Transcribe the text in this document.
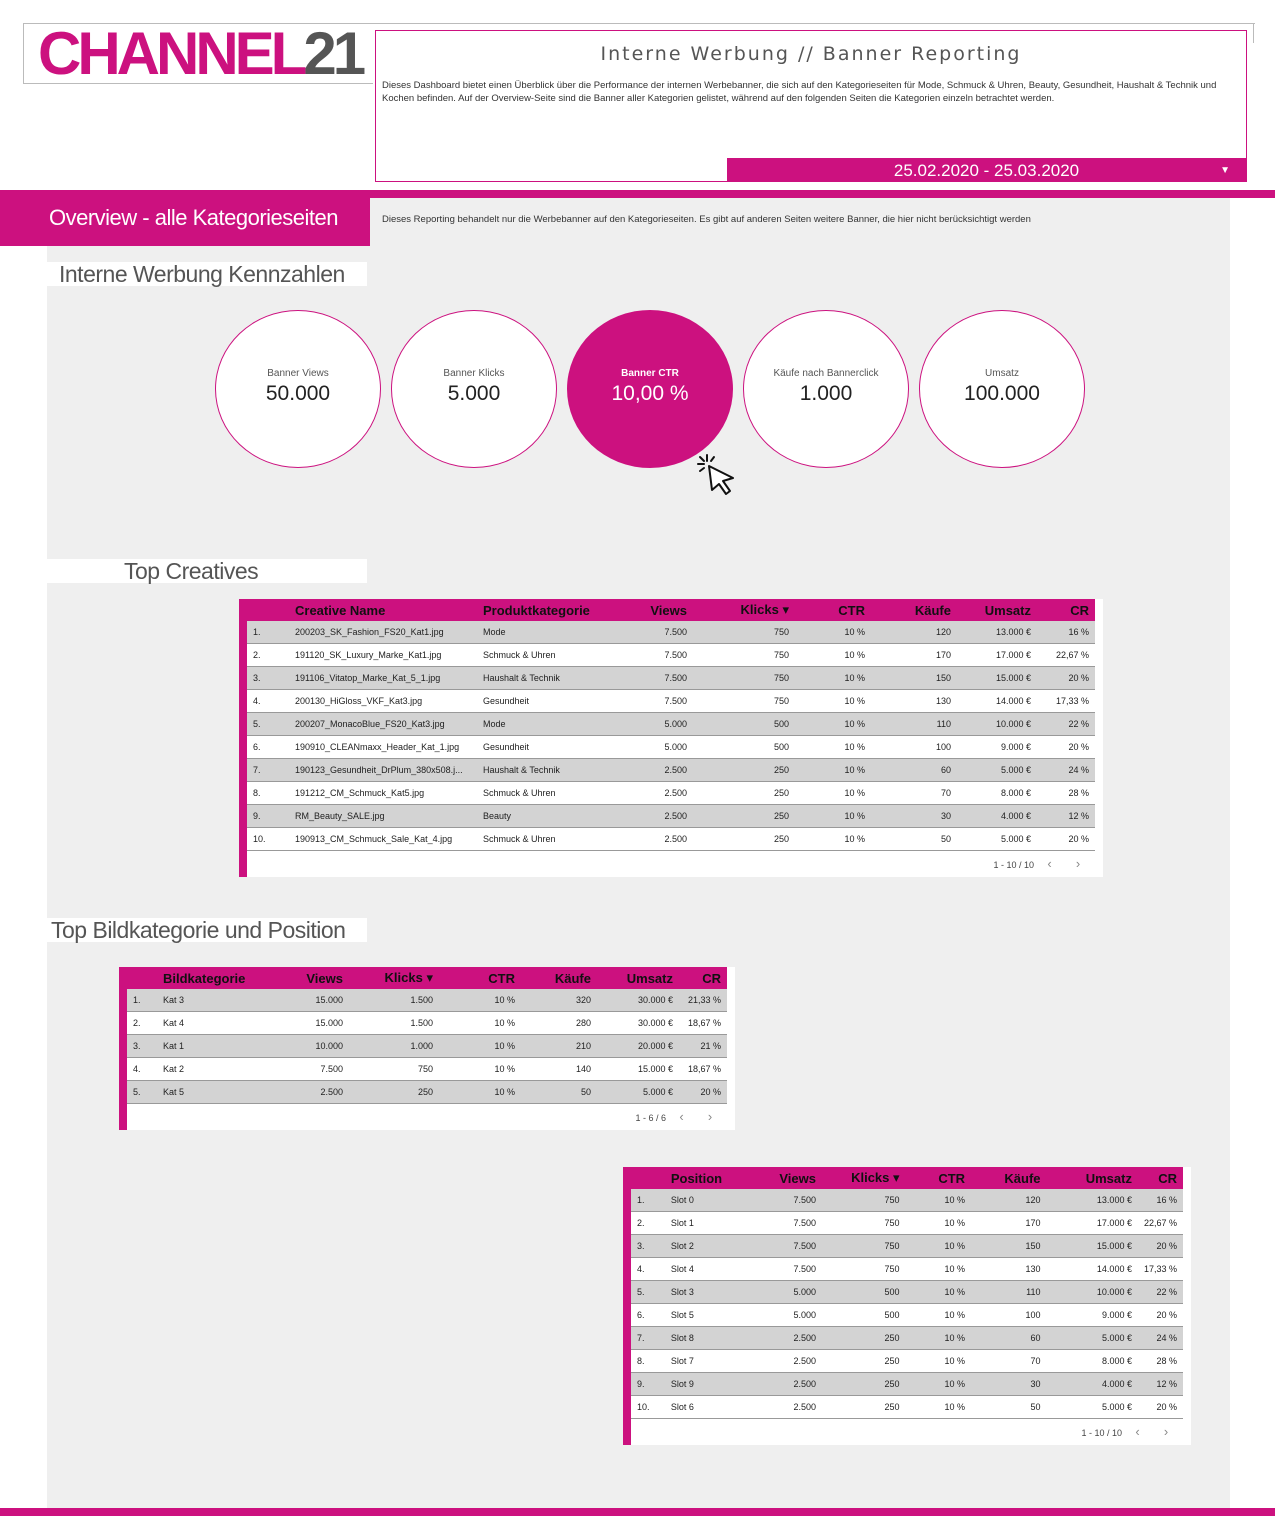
CHANNEL21	Interne Werbung // Banner Reporting
Dieses Dashboard bietet einen Überblick über die Performance der internen Werbebanner, die sich auf den Kategorieseiten für Mode, Schmuck & Uhren, Beauty, Gesundheit, Haushalt & Technik und Kochen befinden. Auf der Overview-Seite sind die Banner aller Kategorien gelistet, während auf den folgenden Seiten die Kategorien einzeln betrachtet werden.
25.02.2020 - 25.03.2020	▼
Overview - alle Kategorieseiten	Dieses Reporting behandelt nur die Werbebanner auf den Kategorieseiten. Es gibt auf anderen Seiten weitere Banner, die hier nicht berücksichtigt werden
Interne Werbung Kennzahlen
Banner Views
50.000
Banner Klicks
5.000
Banner CTR
10,00 %
Käufe nach Bannerclick
1.000
Umsatz
100.000
Top Creatives
	Creative Name	Produktkategorie	Views	Klicks ▾	CTR	Käufe	Umsatz	CR
1.	200203_SK_Fashion_FS20_Kat1.jpg	Mode	7.500	750	10 %	120	13.000 €	16 %
2.	191120_SK_Luxury_Marke_Kat1.jpg	Schmuck & Uhren	7.500	750	10 %	170	17.000 €	22,67 %
3.	191106_Vitatop_Marke_Kat_5_1.jpg	Haushalt & Technik	7.500	750	10 %	150	15.000 €	20 %
4.	200130_HiGloss_VKF_Kat3.jpg	Gesundheit	7.500	750	10 %	130	14.000 €	17,33 %
5.	200207_MonacoBlue_FS20_Kat3.jpg	Mode	5.000	500	10 %	110	10.000 €	22 %
6.	190910_CLEANmaxx_Header_Kat_1.jpg	Gesundheit	5.000	500	10 %	100	9.000 €	20 %
7.	190123_Gesundheit_DrPlum_380x508.j...	Haushalt & Technik	2.500	250	10 %	60	5.000 €	24 %
8.	191212_CM_Schmuck_Kat5.jpg	Schmuck & Uhren	2.500	250	10 %	70	8.000 €	28 %
9.	RM_Beauty_SALE.jpg	Beauty	2.500	250	10 %	30	4.000 €	12 %
10.	190913_CM_Schmuck_Sale_Kat_4.jpg	Schmuck & Uhren	2.500	250	10 %	50	5.000 €	20 %
1 - 10 / 10 ‹ ›
Top Bildkategorie und Position
	Bildkategorie	Views	Klicks ▾	CTR	Käufe	Umsatz	CR
1.	Kat 3	15.000	1.500	10 %	320	30.000 €	21,33 %
2.	Kat 4	15.000	1.500	10 %	280	30.000 €	18,67 %
3.	Kat 1	10.000	1.000	10 %	210	20.000 €	21 %
4.	Kat 2	7.500	750	10 %	140	15.000 €	18,67 %
5.	Kat 5	2.500	250	10 %	50	5.000 €	20 %
1 - 6 / 6 ‹ ›
	Position	Views	Klicks ▾	CTR	Käufe	Umsatz	CR
1.	Slot 0	7.500	750	10 %	120	13.000 €	16 %
2.	Slot 1	7.500	750	10 %	170	17.000 €	22,67 %
3.	Slot 2	7.500	750	10 %	150	15.000 €	20 %
4.	Slot 4	7.500	750	10 %	130	14.000 €	17,33 %
5.	Slot 3	5.000	500	10 %	110	10.000 €	22 %
6.	Slot 5	5.000	500	10 %	100	9.000 €	20 %
7.	Slot 8	2.500	250	10 %	60	5.000 €	24 %
8.	Slot 7	2.500	250	10 %	70	8.000 €	28 %
9.	Slot 9	2.500	250	10 %	30	4.000 €	12 %
10.	Slot 6	2.500	250	10 %	50	5.000 €	20 %
1 - 10 / 10 ‹ ›
